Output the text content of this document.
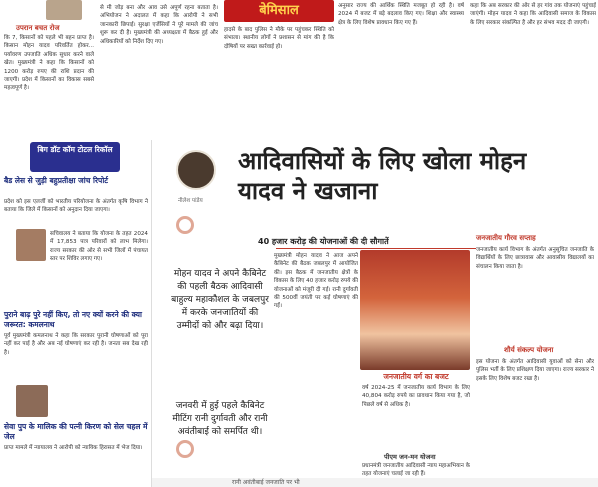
उपरान बचत रोज
कि 7, किसानों को पहले भी बहन प्राप्त है। किसान मोहन यादव परिवर्तित होकर... पर्यावरण उपजाति अधिक सुधार करने वाले खेत। मुख्यमंत्री ने कहा कि किसानों को 1200 करोड़ रुपए की राशि प्रदान की जाएगी। प्रदेश में किसानों का विकास सबसे महत्वपूर्ण है।
से मी जोड़ बना और आव उसे अपूर्ण रहना बताता है। अभियोजन ने अदालत में कहा कि आरोपी ने सभी जानकारी छिपाई। सुरक्षा एजेंसियों ने पूरे मामले की जांच शुरू कर दी है। मुख्यमंत्री की अध्यक्षता में बैठक हुई और अधिकारियों को निर्देश दिए गए।
बेमिसाल
हादसे के बाद पुलिस ने मौके पर पहुंचकर स्थिति को संभाला। स्थानीय लोगों ने प्रशासन से मांग की है कि दोषियों पर सख्त कार्रवाई हो।
अनुसार राज्य की आर्थिक स्थिति मजबूत हो रही है। वर्ष 2024 में बजट में बड़े बदलाव किए गए। शिक्षा और स्वास्थ्य क्षेत्र के लिए विशेष प्रावधान किए गए हैं।
कहा कि अब सरकार की ओर से हर गांव तक योजनाएं पहुंचाई जाएंगी। मोहन यादव ने कहा कि आदिवासी समाज के विकास के लिए सरकार संकल्पित है और हर संभव मदद दी जाएगी।
बिग डॉट कॉम टोटल रिकॉल
बैड लेस से जुड़ी बहुप्रतीक्षा जांच रिपोर्ट
प्रदेश को इस एलर्जी को भारतीय परियोजना के अंतर्गत कृषि विभाग ने बताया कि जिले में किसानों को अनुदान दिया जाएगा।
सचिवालय ने बताया कि योजना के तहत 2024 में 17,853 पात्र परिवारों को लाभ मिलेगा। राज्य सरकार की ओर से सभी जिलों में पंचायत स्तर पर शिविर लगाए गए।
पुराने बाढ़ पुरे नहीं किए, तो नए क्यों करने की क्या जरूरत: कमलनाथ
पूर्व मुख्यमंत्री कमलनाथ ने कहा कि सरकार पुरानी घोषणाओं को पूरा नहीं कर पाई है और अब नई घोषणाएं कर रही है। जनता सब देख रही है।
सेवा पुप के मालिक की पत्नी किरण को सेल चहल में जेल
प्राप्त मामले में न्यायालय ने आरोपी को न्यायिक हिरासत में भेज दिया।
नीलेश पांडेय
आदिवासियों के लिए खोला मोहन यादव ने खजाना
40 हजार करोड़ की योजनाओं की दी सौगातें
मोहन यादव ने अपने कैबिनेट की पहली बैठक आदिवासी बाहुल्य महाकौशल के जबलपुर में करके जनजातियों की उम्मीदों को और बढ़ा दिया।
जनवरी में हुई पहले कैबिनेट मीटिंग रानी दुर्गावती और रानी अवंतीबाई को समर्पित थी।
मुख्यमंत्री मोहन यादव ने आज अपने कैबिनेट की बैठक जबलपुर में आयोजित की। इस बैठक में जनजातीय क्षेत्रों के विकास के लिए 40 हजार करोड़ रुपये की योजनाओं को मंजूरी दी गई। रानी दुर्गावती की 500वीं जयंती पर कई घोषणाएं की गईं।
जनजातीय वर्ग का बजट
वर्ष 2024-25 में जनजातीय कार्य विभाग के लिए 40,804 करोड़ रुपये का प्रावधान किया गया है, जो पिछले वर्ष से अधिक है।
पीएम जन-मन योजना
प्रधानमंत्री जनजातीय आदिवासी न्याय महाअभियान के तहत योजनाएं चलाई जा रही हैं।
जनजातीय गौरव सप्ताह
जनजातीय कार्य विभाग के अंतर्गत अनुसूचित जनजाति के विद्यार्थियों के लिए छात्रावास और आवासीय विद्यालयों का संचालन किया जाता है।
शौर्य संकल्प योजना
इस योजना के अंतर्गत आदिवासी युवाओं को सेना और पुलिस भर्ती के लिए प्रशिक्षण दिया जाएगा। राज्य सरकार ने इसके लिए विशेष बजट रखा है।
रानी अवंतीबाई जनजाति पर भी
